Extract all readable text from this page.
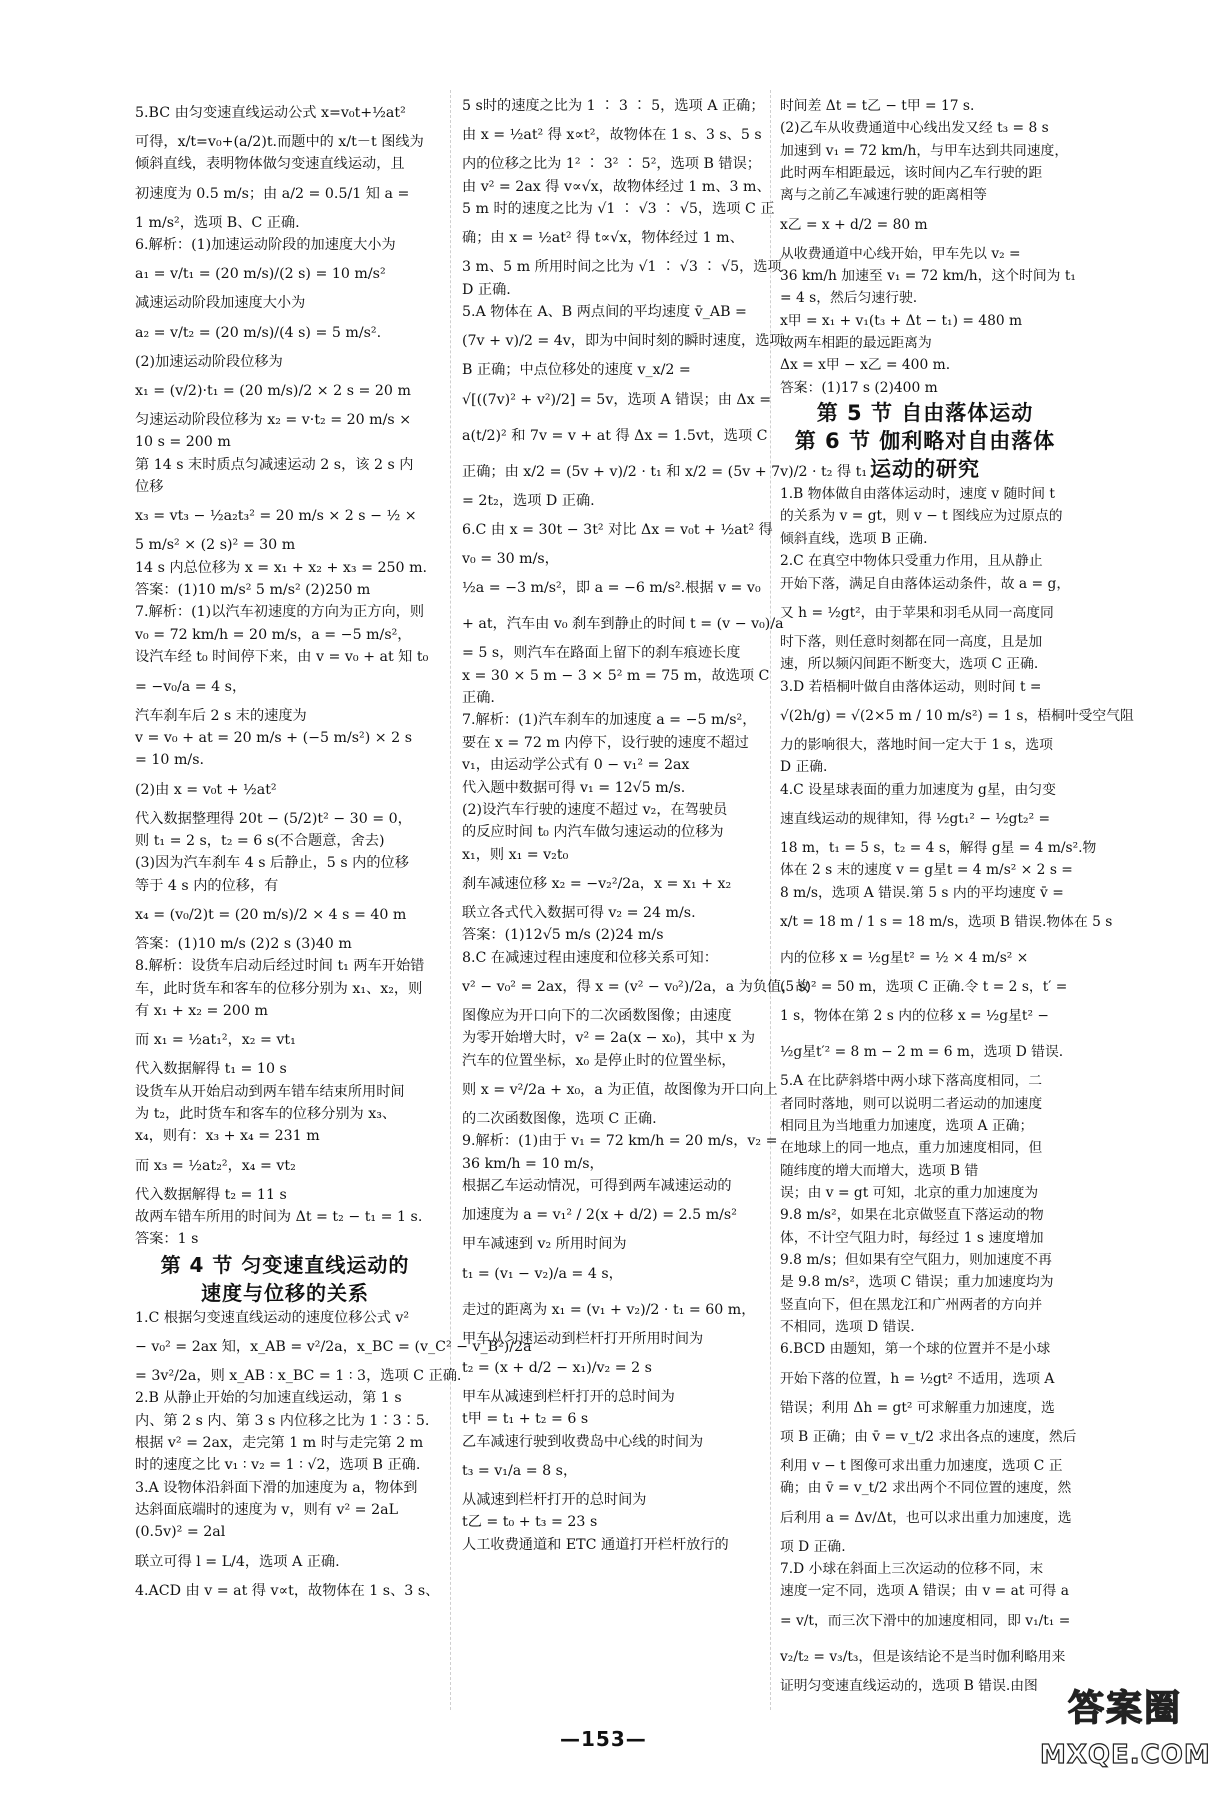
5.BC 由匀变速直线运动公式 x=v₀t+½at²
可得，x/t=v₀+(a/2)t.而题中的 x/t－t 图线为
倾斜直线，表明物体做匀变速直线运动，且
初速度为 0.5 m/s；由 a/2 = 0.5/1 知 a =
1 m/s²，选项 B、C 正确.
6.解析：(1)加速运动阶段的加速度大小为
a₁ = v/t₁ = (20 m/s)/(2 s) = 10 m/s²
减速运动阶段加速度大小为
a₂ = v/t₂ = (20 m/s)/(4 s) = 5 m/s².
(2)加速运动阶段位移为
x₁ = (v/2)·t₁ = (20 m/s)/2 × 2 s = 20 m
匀速运动阶段位移为 x₂ = v·t₂ = 20 m/s ×
10 s = 200 m
第 14 s 末时质点匀减速运动 2 s，该 2 s 内
位移
x₃ = vt₃ − ½a₂t₃² = 20 m/s × 2 s − ½ ×
5 m/s² × (2 s)² = 30 m
14 s 内总位移为 x = x₁ + x₂ + x₃ = 250 m.
答案：(1)10 m/s² 5 m/s² (2)250 m
7.解析：(1)以汽车初速度的方向为正方向，则
v₀ = 72 km/h = 20 m/s，a = −5 m/s²，
设汽车经 t₀ 时间停下来，由 v = v₀ + at 知 t₀
= −v₀/a = 4 s，
汽车刹车后 2 s 末的速度为
v = v₀ + at = 20 m/s + (−5 m/s²) × 2 s
= 10 m/s.
(2)由 x = v₀t + ½at²
代入数据整理得 20t − (5/2)t² − 30 = 0，
则 t₁ = 2 s，t₂ = 6 s(不合题意，舍去)
(3)因为汽车刹车 4 s 后静止，5 s 内的位移
等于 4 s 内的位移，有
x₄ = (v₀/2)t = (20 m/s)/2 × 4 s = 40 m
答案：(1)10 m/s (2)2 s (3)40 m
8.解析：设货车启动后经过时间 t₁ 两车开始错
车，此时货车和客车的位移分别为 x₁、x₂，则
有 x₁ + x₂ = 200 m
而 x₁ = ½at₁²，x₂ = vt₁
代入数据解得 t₁ = 10 s
设货车从开始启动到两车错车结束所用时间
为 t₂，此时货车和客车的位移分别为 x₃、
x₄，则有：x₃ + x₄ = 231 m
而 x₃ = ½at₂²，x₄ = vt₂
代入数据解得 t₂ = 11 s
故两车错车所用的时间为 Δt = t₂ − t₁ = 1 s.
答案：1 s
第 4 节 匀变速直线运动的
速度与位移的关系
1.C 根据匀变速直线运动的速度位移公式 v²
− v₀² = 2ax 知，x_AB = v²/2a，x_BC = (v_C² − v_B²)/2a
= 3v²/2a，则 x_AB ∶ x_BC = 1 ∶ 3，选项 C 正确.
2.B 从静止开始的匀加速直线运动，第 1 s
内、第 2 s 内、第 3 s 内位移之比为 1∶3∶5.
根据 v² = 2ax，走完第 1 m 时与走完第 2 m
时的速度之比 v₁ ∶ v₂ = 1 ∶ √2，选项 B 正确.
3.A 设物体沿斜面下滑的加速度为 a，物体到
达斜面底端时的速度为 v，则有 v² = 2aL
(0.5v)² = 2al
联立可得 l = L/4，选项 A 正确.
4.ACD 由 v = at 得 v∝t，故物体在 1 s、3 s、
5 s时的速度之比为 1 ∶ 3 ∶ 5，选项 A 正确；
由 x = ½at² 得 x∝t²，故物体在 1 s、3 s、5 s
内的位移之比为 1² ∶ 3² ∶ 5²，选项 B 错误；
由 v² = 2ax 得 v∝√x，故物体经过 1 m、3 m、
5 m 时的速度之比为 √1 ∶ √3 ∶ √5，选项 C 正
确；由 x = ½at² 得 t∝√x，物体经过 1 m、
3 m、5 m 所用时间之比为 √1 ∶ √3 ∶ √5，选项
D 正确.
5.A 物体在 A、B 两点间的平均速度 v̄_AB =
(7v + v)/2 = 4v，即为中间时刻的瞬时速度，选项
B 正确；中点位移处的速度 v_x/2 =
√[((7v)² + v²)/2] = 5v，选项 A 错误；由 Δx =
a(t/2)² 和 7v = v + at 得 Δx = 1.5vt，选项 C
正确；由 x/2 = (5v + v)/2 · t₁ 和 x/2 = (5v + 7v)/2 · t₂ 得 t₁
= 2t₂，选项 D 正确.
6.C 由 x = 30t − 3t² 对比 Δx = v₀t + ½at² 得
v₀ = 30 m/s，
½a = −3 m/s²，即 a = −6 m/s².根据 v = v₀
+ at，汽车由 v₀ 刹车到静止的时间 t = (v − v₀)/a
= 5 s，则汽车在路面上留下的刹车痕迹长度
x = 30 × 5 m − 3 × 5² m = 75 m，故选项 C
正确.
7.解析：(1)汽车刹车的加速度 a = −5 m/s²，
要在 x = 72 m 内停下，设行驶的速度不超过
v₁，由运动学公式有 0 − v₁² = 2ax
代入题中数据可得 v₁ = 12√5 m/s.
(2)设汽车行驶的速度不超过 v₂，在驾驶员
的反应时间 t₀ 内汽车做匀速运动的位移为
x₁，则 x₁ = v₂t₀
刹车减速位移 x₂ = −v₂²/2a，x = x₁ + x₂
联立各式代入数据可得 v₂ = 24 m/s.
答案：(1)12√5 m/s (2)24 m/s
8.C 在减速过程由速度和位移关系可知：
v² − v₀² = 2ax，得 x = (v² − v₀²)/2a，a 为负值，故
图像应为开口向下的二次函数图像；由速度
为零开始增大时，v² = 2a(x − x₀)，其中 x 为
汽车的位置坐标，x₀ 是停止时的位置坐标，
则 x = v²/2a + x₀，a 为正值，故图像为开口向上
的二次函数图像，选项 C 正确.
9.解析：(1)由于 v₁ = 72 km/h = 20 m/s，v₂ =
36 km/h = 10 m/s，
根据乙车运动情况，可得到两车减速运动的
加速度为 a = v₁² / 2(x + d/2) = 2.5 m/s²
甲车减速到 v₂ 所用时间为
t₁ = (v₁ − v₂)/a = 4 s，
走过的距离为 x₁ = (v₁ + v₂)/2 · t₁ = 60 m，
甲车从匀速运动到栏杆打开所用时间为
t₂ = (x + d/2 − x₁)/v₂ = 2 s
甲车从减速到栏杆打开的总时间为
t甲 = t₁ + t₂ = 6 s
乙车减速行驶到收费岛中心线的时间为
t₃ = v₁/a = 8 s，
从减速到栏杆打开的总时间为
t乙 = t₀ + t₃ = 23 s
人工收费通道和 ETC 通道打开栏杆放行的
时间差 Δt = t乙 − t甲 = 17 s.
(2)乙车从收费通道中心线出发又经 t₃ = 8 s
加速到 v₁ = 72 km/h，与甲车达到共同速度，
此时两车相距最远，该时间内乙车行驶的距
离与之前乙车减速行驶的距离相等
x乙 = x + d/2 = 80 m
从收费通道中心线开始，甲车先以 v₂ =
36 km/h 加速至 v₁ = 72 km/h，这个时间为 t₁
= 4 s，然后匀速行驶.
x甲 = x₁ + v₁(t₃ + Δt − t₁) = 480 m
故两车相距的最远距离为
Δx = x甲 − x乙 = 400 m.
答案：(1)17 s (2)400 m
第 5 节 自由落体运动
第 6 节 伽利略对自由落体
运动的研究
1.B 物体做自由落体运动时，速度 v 随时间 t
的关系为 v = gt，则 v − t 图线应为过原点的
倾斜直线，选项 B 正确.
2.C 在真空中物体只受重力作用，且从静止
开始下落，满足自由落体运动条件，故 a = g，
又 h = ½gt²，由于苹果和羽毛从同一高度同
时下落，则任意时刻都在同一高度，且是加
速，所以频闪间距不断变大，选项 C 正确.
3.D 若梧桐叶做自由落体运动，则时间 t =
√(2h/g) = √(2×5 m / 10 m/s²) = 1 s，梧桐叶受空气阻
力的影响很大，落地时间一定大于 1 s，选项
D 正确.
4.C 设星球表面的重力加速度为 g星，由匀变
速直线运动的规律知，得 ½gt₁² − ½gt₂² =
18 m，t₁ = 5 s，t₂ = 4 s，解得 g星 = 4 m/s².物
体在 2 s 末的速度 v = g星t = 4 m/s² × 2 s =
8 m/s，选项 A 错误.第 5 s 内的平均速度 v̄ =
x/t = 18 m / 1 s = 18 m/s，选项 B 错误.物体在 5 s
内的位移 x = ½g星t² = ½ × 4 m/s² ×
(5 s)² = 50 m，选项 C 正确.令 t = 2 s，t′ =
1 s，物体在第 2 s 内的位移 x = ½g星t² −
½g星t′² = 8 m − 2 m = 6 m，选项 D 错误.
5.A 在比萨斜塔中两小球下落高度相同，二
者同时落地，则可以说明二者运动的加速度
相同且为当地重力加速度，选项 A 正确；
在地球上的同一地点，重力加速度相同，但
随纬度的增大而增大，选项 B 错
误；由 v = gt 可知，北京的重力加速度为
9.8 m/s²，如果在北京做竖直下落运动的物
体，不计空气阻力时，每经过 1 s 速度增加
9.8 m/s；但如果有空气阻力，则加速度不再
是 9.8 m/s²，选项 C 错误；重力加速度均为
竖直向下，但在黑龙江和广州两者的方向并
不相同，选项 D 错误.
6.BCD 由题知，第一个球的位置并不是小球
开始下落的位置，h = ½gt² 不适用，选项 A
错误；利用 Δh = gt² 可求解重力加速度，选
项 B 正确；由 v̄ = v_t/2 求出各点的速度，然后
利用 v − t 图像可求出重力加速度，选项 C 正
确；由 v̄ = v_t/2 求出两个不同位置的速度，然
后利用 a = Δv/Δt，也可以求出重力加速度，选
项 D 正确.
7.D 小球在斜面上三次运动的位移不同，末
速度一定不同，选项 A 错误；由 v = at 可得 a
= v/t，而三次下滑中的加速度相同，即 v₁/t₁ =
v₂/t₂ = v₃/t₃，但是该结论不是当时伽利略用来
证明匀变速直线运动的，选项 B 错误.由图
—153—
答案圈
MXQE.COM
